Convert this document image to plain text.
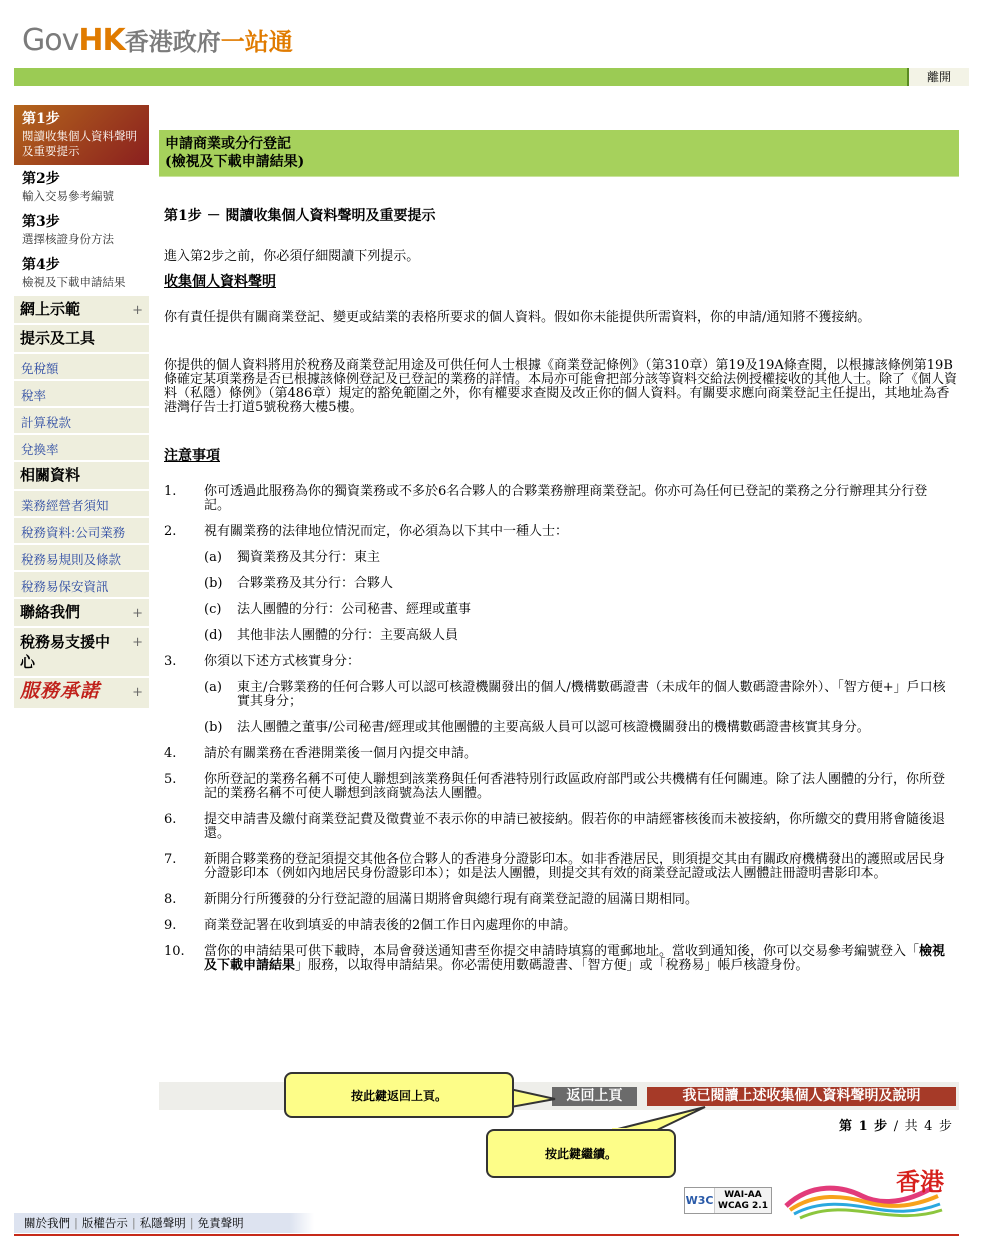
Gov HK 香港政府 一站通
離開
第1步
閱讀收集個人資料聲明及重要提示
第2步
輸入交易參考編號
第3步
選擇核證身份方法
第4步
檢視及下載申請結果
網上示範	+
提示及工具
免稅額
稅率
計算稅款
兌換率
相關資料
業務經營者須知
稅務資料:公司業務
稅務易規則及條款
稅務易保安資訊
聯絡我們	+
稅務易支援中心
+
服務承諾 +
申請商業或分行登記
(檢視及下載申請結果)
第1步 － 閱讀收集個人資料聲明及重要提示
進入第2步之前，你必須仔細閱讀下列提示。
收集個人資料聲明
你有責任提供有關商業登記、變更或結業的表格所要求的個人資料。假如你未能提供所需資料，你的申請/通知將不獲接納。
你提供的個人資料將用於稅務及商業登記用途及可供任何人士根據《商業登記條例》（第310章）第19及19A條查閱，以根據該條例第19B條確定某項業務是否已根據該條例登記及已登記的業務的詳情。本局亦可能會把部分該等資料交給法例授權接收的其他人士。除了《個人資料（私隱）條例》（第486章）規定的豁免範圍之外，你有權要求查閱及改正你的個人資料。有關要求應向商業登記主任提出，其地址為香港灣仔告士打道5號稅務大樓5樓。
注意事項
1.	你可透過此服務為你的獨資業務或不多於6名合夥人的合夥業務辦理商業登記。你亦可為任何已登記的業務之分行辦理其分行登記。
2.	視有關業務的法律地位情況而定，你必須為以下其中一種人士：
(a) 獨資業務及其分行：東主
(b) 合夥業務及其分行：合夥人
(c) 法人團體的分行：公司秘書、經理或董事
(d) 其他非法人團體的分行：主要高級人員
3.	你須以下述方式核實身分：
(a) 東主/合夥業務的任何合夥人可以認可核證機關發出的個人/機構數碼證書（未成年的個人數碼證書除外）、「智方便+」戶口核實其身分；
(b) 法人團體之董事/公司秘書/經理或其他團體的主要高級人員可以認可核證機關發出的機構數碼證書核實其身分。
4.	請於有關業務在香港開業後一個月內提交申請。
5.	你所登記的業務名稱不可使人聯想到該業務與任何香港特別行政區政府部門或公共機構有任何關連。除了法人團體的分行，你所登記的業務名稱不可使人聯想到該商號為法人團體。
6.	提交申請書及繳付商業登記費及徵費並不表示你的申請已被接納。假若你的申請經審核後而未被接納，你所繳交的費用將會隨後退還。
7.	新開合夥業務的登記須提交其他各位合夥人的香港身分證影印本。如非香港居民，則須提交其由有關政府機構發出的護照或居民身分證影印本（例如內地居民身份證影印本）；如是法人團體，則提交其有效的商業登記證或法人團體註冊證明書影印本。
8.	新開分行所獲發的分行登記證的屆滿日期將會與總行現有商業登記證的屆滿日期相同。
9.	商業登記署在收到填妥的申請表後的2個工作日內處理你的申請。
10.	當你的申請結果可供下載時，本局會發送通知書至你提交申請時填寫的電郵地址。當收到通知後，你可以交易參考編號登入「檢視及下載申請結果」服務，以取得申請結果。你必需使用數碼證書、「智方便」或「稅務易」帳戶核證身份。
返回上頁	我已閱讀上述收集個人資料聲明及說明
第 1 步 / 共 4 步
按此鍵返回上頁。
按此鍵繼續。
W3C	WAI-AA
WCAG 2.1
香港
關於我們 | 版權告示 | 私隱聲明 | 免責聲明
